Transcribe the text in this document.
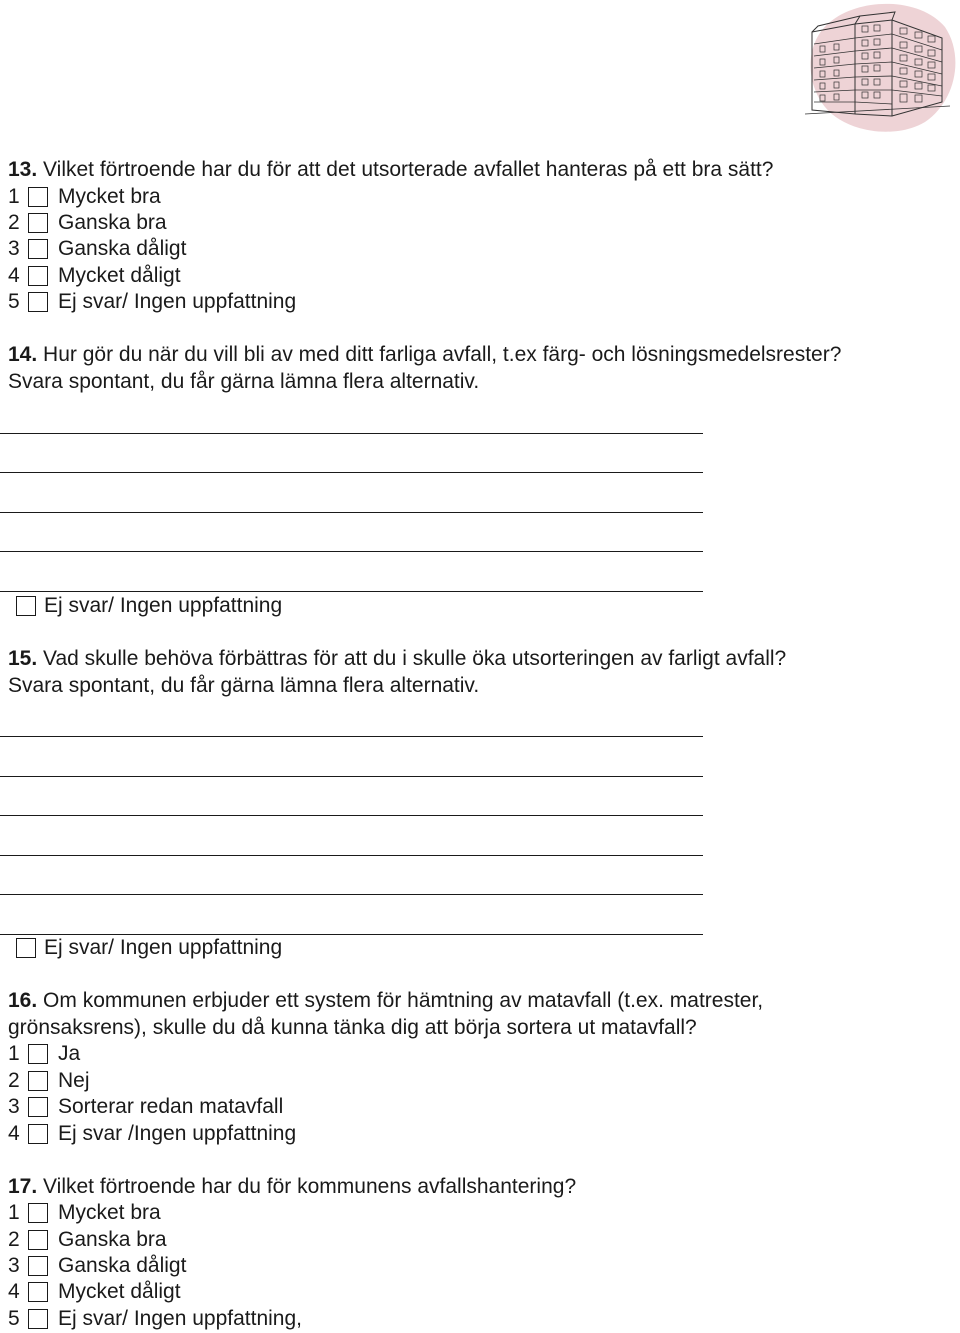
13. Vilket förtroende har du för att det utsorterade avfallet hanteras på ett bra sätt?
1	Mycket bra
2	Ganska bra
3	Ganska dåligt
4	Mycket dåligt
5	Ej svar/ Ingen uppfattning
14. Hur gör du när du vill bli av med ditt farliga avfall, t.ex färg- och lösningsmedelsrester?
Svara spontant, du får gärna lämna flera alternativ.
Ej svar/ Ingen uppfattning
15. Vad skulle behöva förbättras för att du i skulle öka utsorteringen av farligt avfall?
Svara spontant, du får gärna lämna flera alternativ.
Ej svar/ Ingen uppfattning
16. Om kommunen erbjuder ett system för hämtning av matavfall (t.ex. matrester,
grönsaksrens), skulle du då kunna tänka dig att börja sortera ut matavfall?
1	Ja
2	Nej
3	Sorterar redan matavfall
4	Ej svar /Ingen uppfattning
17. Vilket förtroende har du för kommunens avfallshantering?
1	Mycket bra
2	Ganska bra
3	Ganska dåligt
4	Mycket dåligt
5	Ej svar/ Ingen uppfattning,
